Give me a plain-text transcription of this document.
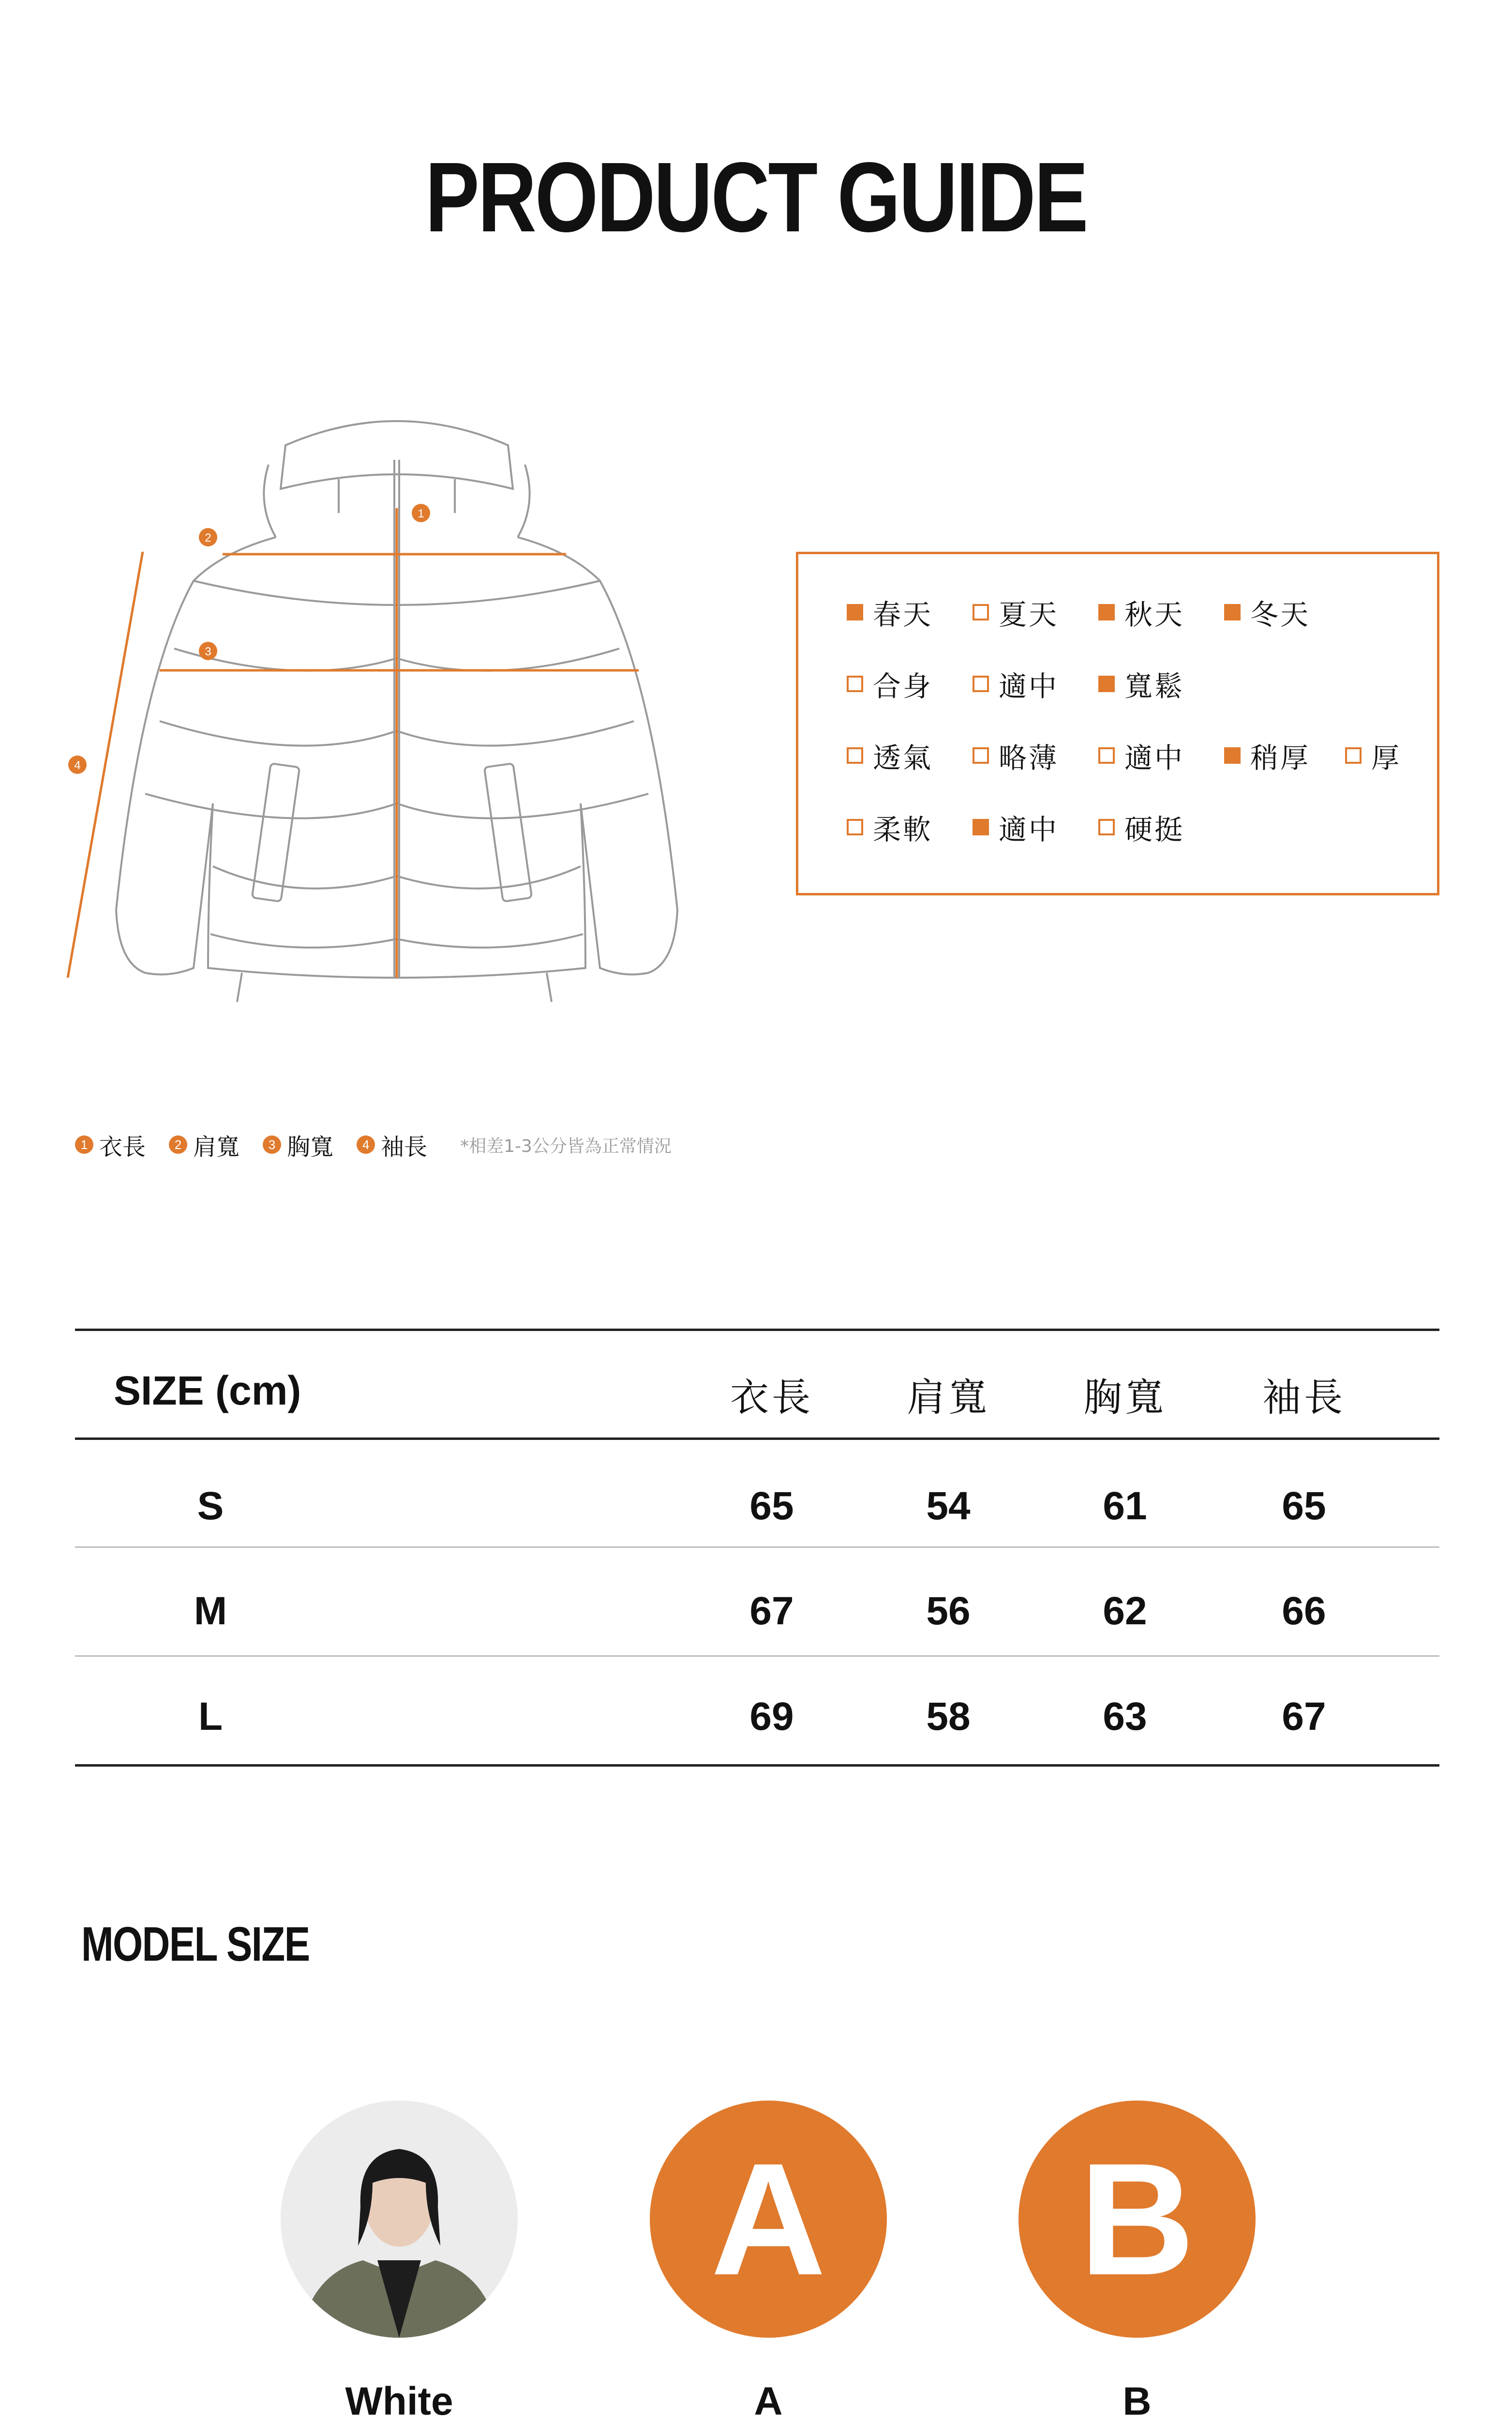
PRODUCT GUIDE
1
2
3
4
春天 夏天 秋天 冬天
合身 適中 寬鬆
透氣 略薄 適中 稍厚 厚
柔軟 適中 硬挺
1 衣長	2 肩寬	3 胸寬	4 袖長 *相差1-3公分皆為正常情況
SIZE (cm)	衣長	肩寬	胸寬	袖長
S	65	54	61	65
M	67	56	62	66
L	69	58	63	67
MODEL SIZE
White
A
A
B
B
